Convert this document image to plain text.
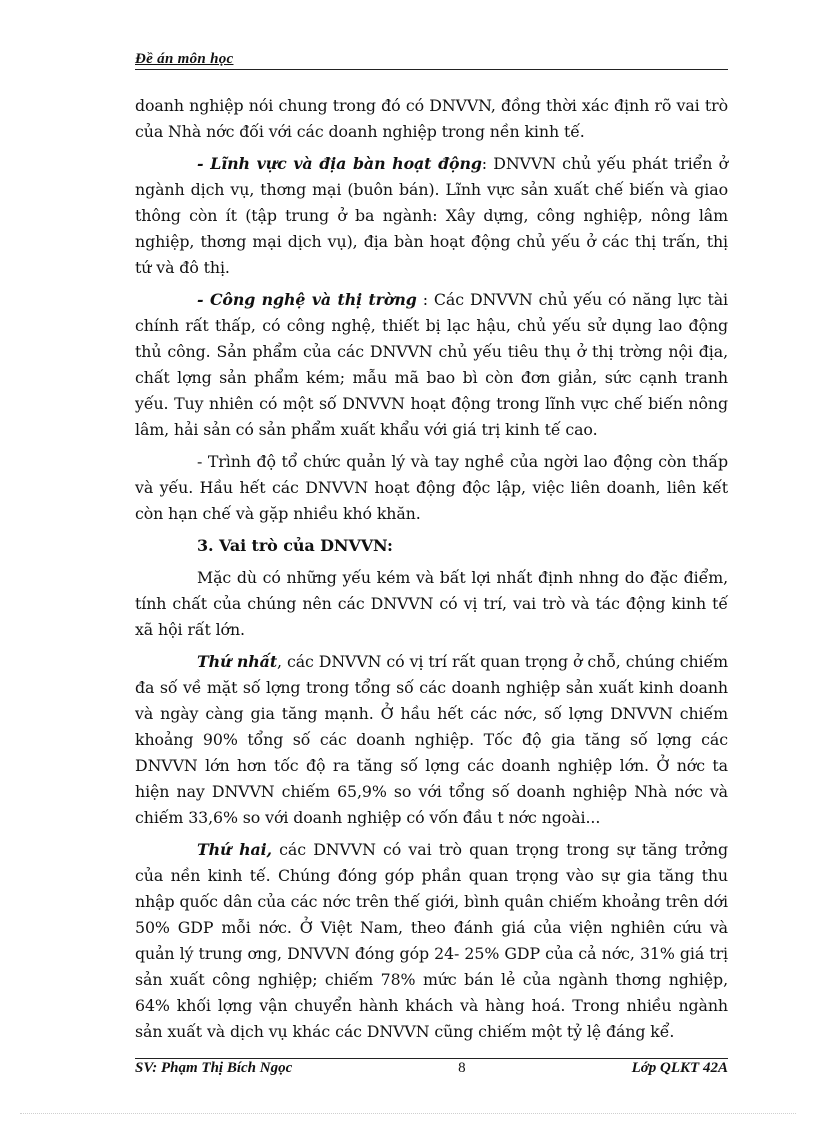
Đề án môn học

doanh nghiệp nói chung trong đó có DNVVN, đồng thời xác định rõ vai trò của Nhà nớc đối với các doanh nghiệp trong nền kinh tế.

- Lĩnh vực và địa bàn hoạt động: DNVVN chủ yếu phát triển ở ngành dịch vụ, thơng mại (buôn bán). Lĩnh vực sản xuất chế biến và giao thông còn ít (tập trung ở ba ngành: Xây dựng, công nghiệp, nông lâm nghiệp, thơng mại dịch vụ), địa bàn hoạt động chủ yếu ở các thị trấn, thị tứ và đô thị.

- Công nghệ và thị trờng : Các DNVVN chủ yếu có năng lực tài chính rất thấp, có công nghệ, thiết bị lạc hậu, chủ yếu sử dụng lao động thủ công. Sản phẩm của các DNVVN chủ yếu tiêu thụ ở thị trờng nội địa, chất lợng sản phẩm kém; mẫu mã bao bì còn đơn giản, sức cạnh tranh yếu. Tuy nhiên có một số DNVVN hoạt động trong lĩnh vực chế biến nông lâm, hải sản có sản phẩm xuất khẩu với giá trị kinh tế cao.

- Trình độ tổ chức quản lý và tay nghề của ngời lao động còn thấp và yếu. Hầu hết các DNVVN hoạt động độc lập, việc liên doanh, liên kết còn hạn chế và gặp nhiều khó khăn.

3. Vai trò của DNVVN:

Mặc dù có những yếu kém và bất lợi nhất định nhng do đặc điểm, tính chất của chúng nên các DNVVN có vị trí, vai trò và tác động kinh tế xã hội rất lớn.

Thứ nhất, các DNVVN có vị trí rất quan trọng ở chỗ, chúng chiếm đa số về mặt số lợng trong tổng số các doanh nghiệp sản xuất kinh doanh và ngày càng gia tăng mạnh. Ở hầu hết các nớc, số lợng DNVVN chiếm khoảng 90% tổng số các doanh nghiệp. Tốc độ gia tăng số lợng các DNVVN lớn hơn tốc độ ra tăng số lợng các doanh nghiệp lớn. Ở nớc ta hiện nay DNVVN chiếm 65,9% so với tổng số doanh nghiệp Nhà nớc và chiếm 33,6% so với doanh nghiệp có vốn đầu t nớc ngoài...

Thứ hai, các DNVVN có vai trò quan trọng trong sự tăng trởng của nền kinh tế. Chúng đóng góp phần quan trọng vào sự gia tăng thu nhập quốc dân của các nớc trên thế giới, bình quân chiếm khoảng trên dới 50% GDP mỗi nớc. Ở Việt Nam, theo đánh giá của viện nghiên cứu và quản lý trung ơng, DNVVN đóng góp 24- 25% GDP của cả nớc, 31% giá trị sản xuất công nghiệp; chiếm 78% mức bán lẻ của ngành thơng nghiệp, 64% khối lợng vận chuyển hành khách và hàng hoá. Trong nhiều ngành sản xuất và dịch vụ khác các DNVVN cũng chiếm một tỷ lệ đáng kể.

SV: Phạm Thị Bích Ngọc	8	Lớp QLKT 42A
